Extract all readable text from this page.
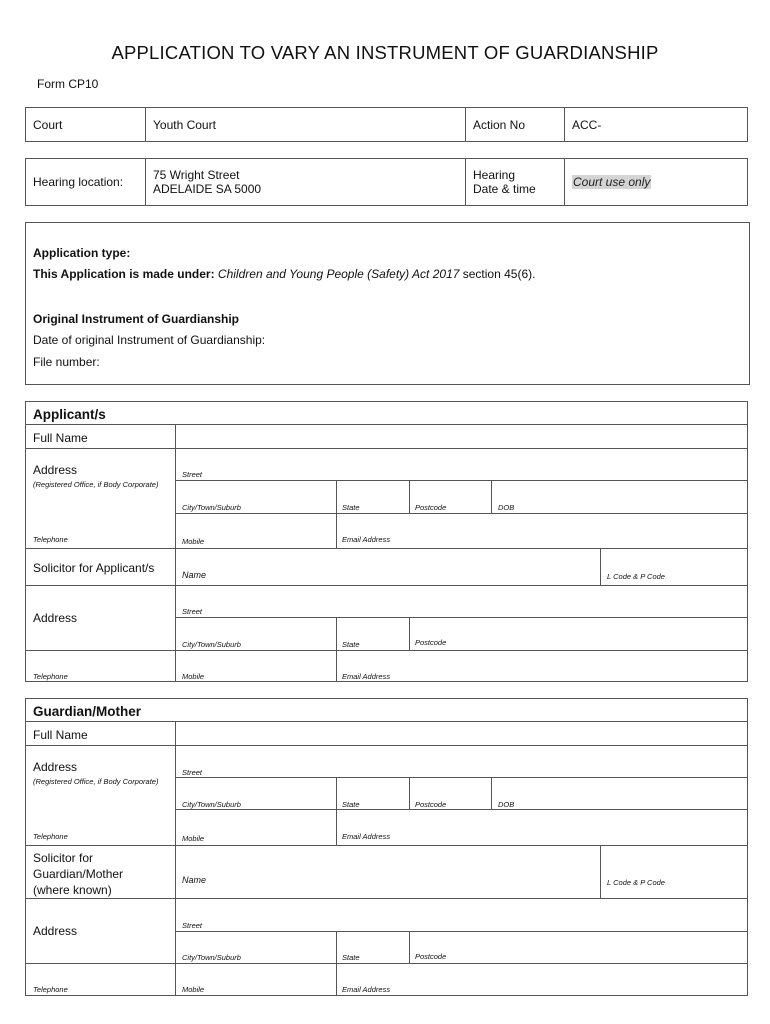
APPLICATION TO VARY AN INSTRUMENT OF GUARDIANSHIP
Form CP10
Court	Youth Court	Action No	ACC-
Hearing location:	75 Wright Street
ADELAIDE SA 5000

Hearing
Date & time	Court use only
Application type:
This Application is made under: Children and Young People (Safety) Act 2017 section 45(6).
Original Instrument of Guardianship
Date of original Instrument of Guardianship:
File number:
Applicant/s
Full Name
Address
(Registered Office, if Body Corporate)
Street
City/Town/Suburb	State	Postcode	DOB
Telephone	Mobile	Email Address
Solicitor for Applicant/s	Name	L Code & P Code
Address	Street
City/Town/Suburb	State	Postcode
Telephone	Mobile	Email Address
Guardian/Mother
Full Name
Address
(Registered Office, if Body Corporate)
Street
City/Town/Suburb	State	Postcode	DOB
Telephone	Mobile	Email Address
Solicitor for
Guardian/Mother
(where known)
Name	L Code & P Code
Address	Street
City/Town/Suburb	State	Postcode
Telephone	Mobile	Email Address
